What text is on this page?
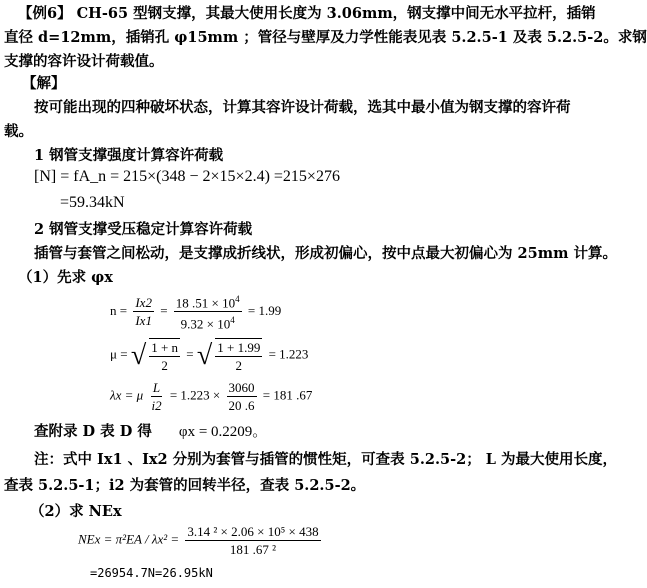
【例6】 CH-65 型钢支撑，其最大使用长度为 3.06mm，钢支撑中间无水平拉杆，插销
直径 d=12mm，插销孔 φ15mm ；管径与壁厚及力学性能表见表 5.2.5-1 及表 5.2.5-2。求钢
支撑的容许设计荷载值。
【解】
按可能出现的四种破坏状态，计算其容许设计荷载，选其中最小值为钢支撑的容许荷
载。
1 钢管支撑强度计算容许荷载
[N] = fA_n = 215×(348 − 2×15×2.4) =215×276
=59.34kN
2 钢管支撑受压稳定计算容许荷载
插管与套管之间松动，是支撑成折线状，形成初偏心，按中点最大初偏心为 25mm 计算。
（1）先求 φx
$n = \frac{Ix2}{Ix1} = \frac{18 .51 \times 10^4}{9.32 \times 10^4} = 1.99$
μ = √ $\frac{1 + n}{2}$ = √ $\frac{1 + 1.99}{2} = 1.223$
λx = μ $\frac{L}{i2} = 1.223 \times \frac{3060}{20 .6} = 181$ .67
查附录 D 表 D 得 φx = 0.2209。
注：式中 Ix1 、Ix2 分别为套管与插管的惯性矩，可查表 5.2.5-2； L 为最大使用长度，
查表 5.2.5-1；i2 为套管的回转半径，查表 5.2.5-2。
（2）求 NEx
NEx = $\pi^2EA / \lambda x^2 = \frac{\text{3.14 ² × 2.06 × 10⁵ × 438}}{\text{181 .67 ²}}$
=26954.7N=26.95kN
